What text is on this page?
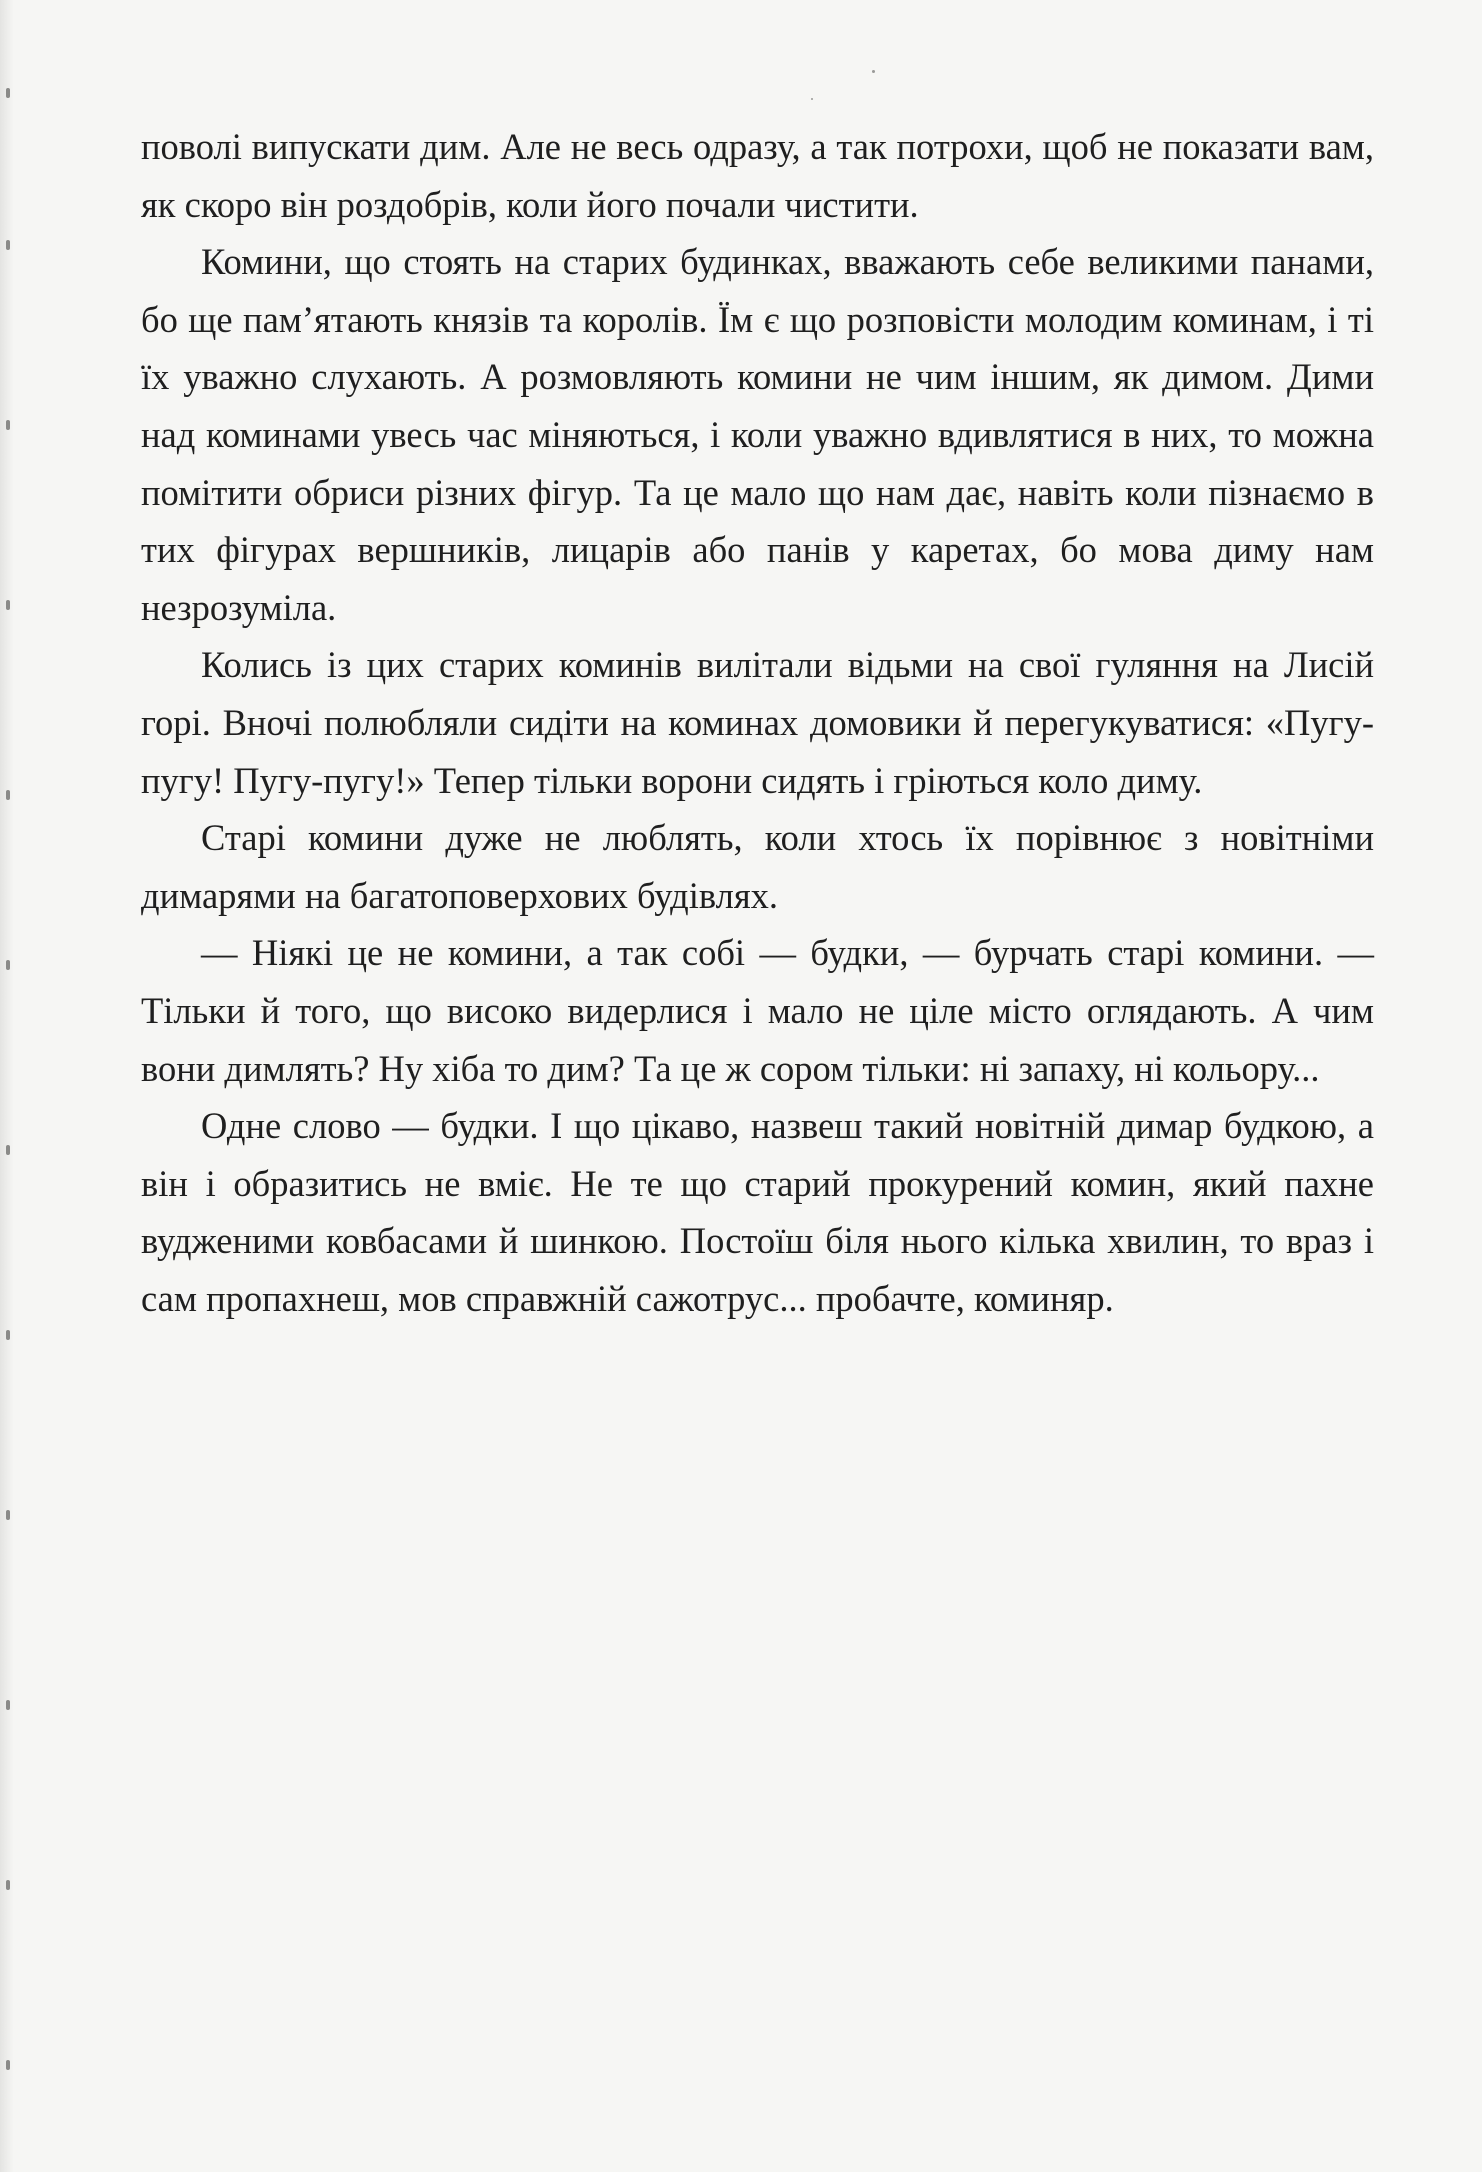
поволі випускати дим. Але не весь одразу, а так потрохи, щоб не показати вам, як скоро він роздобрів, коли його почали чистити.

Комини, що стоять на старих будинках, вважають себе великими панами, бо ще пам’ятають князів та королів. Їм є що розповісти молодим коминам, і ті їх уважно слухають. А розмовляють комини не чим іншим, як димом. Дими над коминами увесь час міняються, і коли уважно вдивлятися в них, то можна помітити обриси різних фігур. Та це мало що нам дає, навіть коли пізнаємо в тих фігурах вершників, лицарів або панів у каретах, бо мова диму нам незрозуміла.

Колись із цих старих коминів вилітали відьми на свої гуляння на Лисій горі. Вночі полюбляли сидіти на коминах домовики й перегукуватися: «Пугу-пугу! Пугу-пугу!» Тепер тільки ворони сидять і гріються коло диму.

Старі комини дуже не люблять, коли хтось їх порівнює з новітніми димарями на багатоповерхових будівлях.

— Ніякі це не комини, а так собі — будки, — бурчать старі комини. — Тільки й того, що високо видерлися і мало не ціле місто оглядають. А чим вони димлять? Ну хіба то дим? Та це ж сором тільки: ні запаху, ні кольору...

Одне слово — будки. І що цікаво, назвеш такий новітній димар будкою, а він і образитись не вміє. Не те що старий прокурений комин, який пахне вудженими ковбасами й шинкою. Постоїш біля нього кілька хвилин, то враз і сам пропахнеш, мов справжній сажотрус... пробачте, коминяр.
